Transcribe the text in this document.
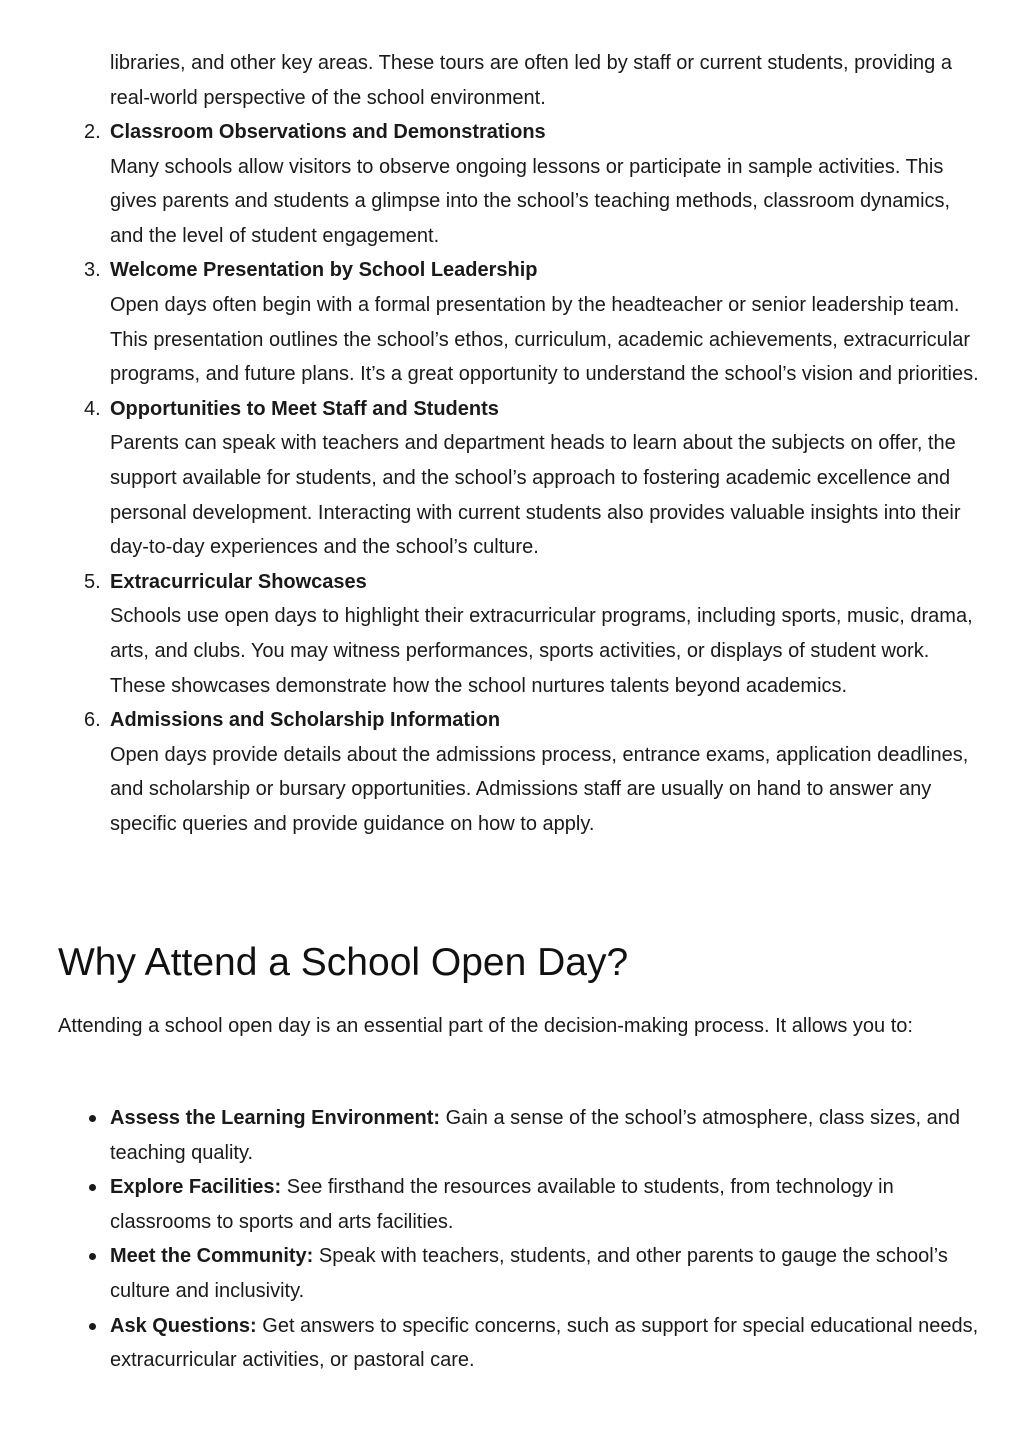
libraries, and other key areas. These tours are often led by staff or current students, providing a real-world perspective of the school environment.

2. Classroom Observations and Demonstrations
Many schools allow visitors to observe ongoing lessons or participate in sample activities. This gives parents and students a glimpse into the school’s teaching methods, classroom dynamics, and the level of student engagement.
3. Welcome Presentation by School Leadership
Open days often begin with a formal presentation by the headteacher or senior leadership team. This presentation outlines the school’s ethos, curriculum, academic achievements, extracurricular programs, and future plans. It’s a great opportunity to understand the school’s vision and priorities.
4. Opportunities to Meet Staff and Students
Parents can speak with teachers and department heads to learn about the subjects on offer, the support available for students, and the school’s approach to fostering academic excellence and personal development. Interacting with current students also provides valuable insights into their day-to-day experiences and the school’s culture.
5. Extracurricular Showcases
Schools use open days to highlight their extracurricular programs, including sports, music, drama, arts, and clubs. You may witness performances, sports activities, or displays of student work. These showcases demonstrate how the school nurtures talents beyond academics.
6. Admissions and Scholarship Information
Open days provide details about the admissions process, entrance exams, application deadlines, and scholarship or bursary opportunities. Admissions staff are usually on hand to answer any specific queries and provide guidance on how to apply.
Why Attend a School Open Day?

Attending a school open day is an essential part of the decision-making process. It allows you to:

Assess the Learning Environment: Gain a sense of the school’s atmosphere, class sizes, and teaching quality.
Explore Facilities: See firsthand the resources available to students, from technology in classrooms to sports and arts facilities.
Meet the Community: Speak with teachers, students, and other parents to gauge the school’s culture and inclusivity.
Ask Questions: Get answers to specific concerns, such as support for special educational needs, extracurricular activities, or pastoral care.
